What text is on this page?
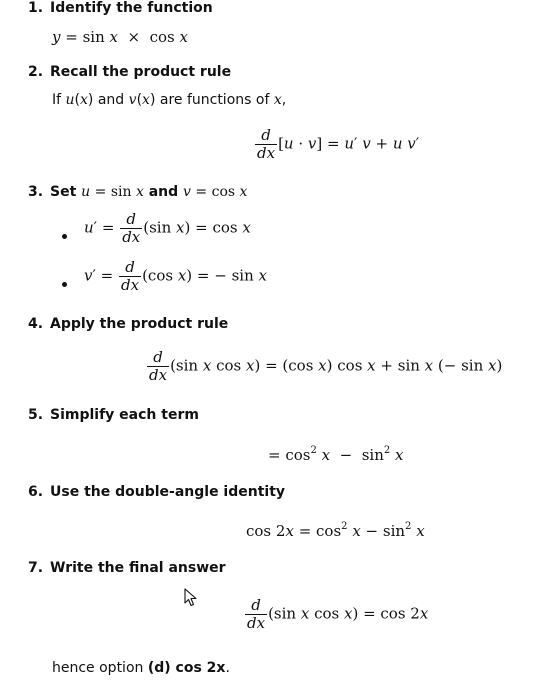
1. Identify the function
y = sin x  ×  cos x
2. Recall the product rule
If u(x) and v(x) are functions of x,
$\frac{d}{dx} [u \cdot v] = u'$ v + u v′
3. Set u = sin x and v = cos x
$u' = \frac{d}{dx} (\sin$ x) = cos x
$v' = \frac{d}{dx} (\cos$ x) = − sin x
4. Apply the product rule
$\frac{d}{dx} (\sin$ x cos x) = (cos x) cos x + sin x (− sin x)
5. Simplify each term
= $\cos^2 x - \sin^2 x$
6. Use the double-angle identity
$\cos 2x = \cos^2 x - \sin^2 x$
7. Write the final answer
$\frac{d}{dx} (\sin$ x cos x) = cos 2x
hence option (d) cos 2x.
